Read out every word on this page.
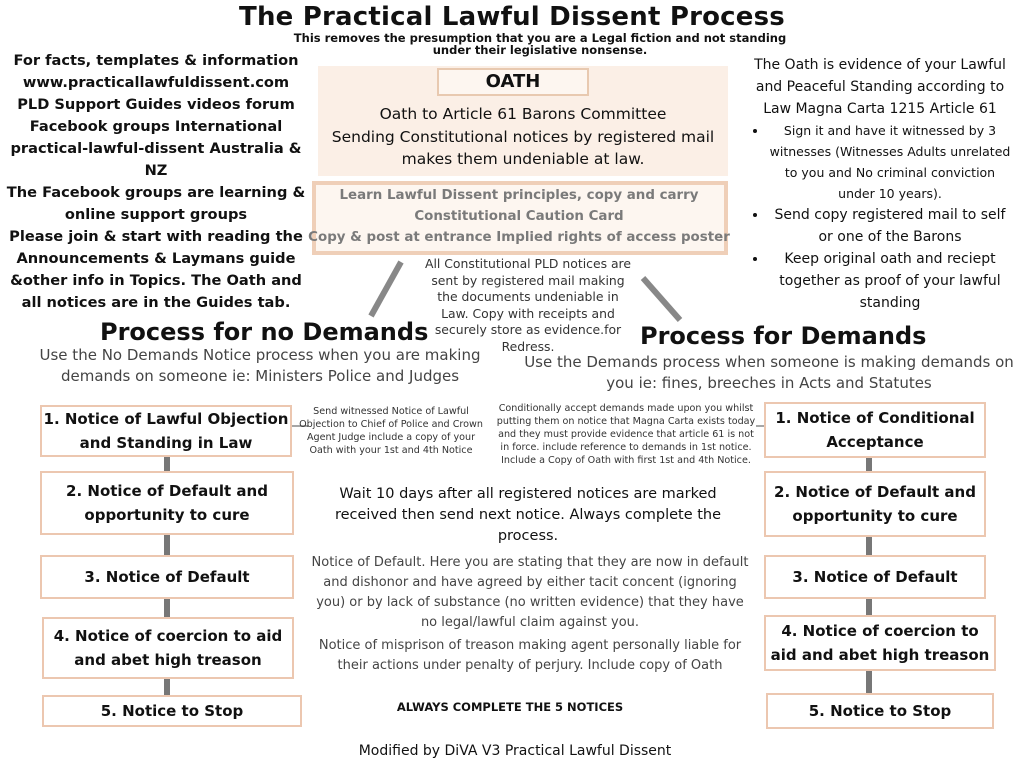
The Practical Lawful Dissent Process
This removes the presumption that you are a Legal fiction and not standing under their legislative nonsense.
For facts, templates & information
www.practicallawfuldissent.com
PLD Support Guides videos forum
Facebook groups International
practical-lawful-dissent Australia &
NZ
The Facebook groups are learning &
online support groups
Please join & start with reading the
Announcements & Laymans guide
&other info in Topics. The Oath and
all notices are in the Guides tab.
The Oath is evidence of your Lawful and Peaceful Standing according to Law Magna Carta 1215 Article 61
• Sign it and have it witnessed by 3 witnesses (Witnesses Adults unrelated to you and No criminal conviction under 10 years).
• Send copy registered mail to self or one of the Barons
• Keep original oath and reciept together as proof of your lawful standing
OATH
Oath to Article 61 Barons Committee
Sending Constitutional notices by registered mail
makes them undeniable at law.
Learn Lawful Dissent principles, copy and carry
Constitutional Caution Card
Copy & post at entrance Implied rights of access poster
All Constitutional PLD notices are sent by registered mail making the documents undeniable in Law. Copy with receipts and securely store as evidence.for Redress.
Process for no Demands
Use the No Demands Notice process when you are making demands on someone ie: Ministers Police and Judges
Process for Demands
Use the Demands process when someone is making demands on you ie: fines, breeches in Acts and Statutes
1. Notice of Lawful Objection and Standing in Law
2. Notice of Default and opportunity to cure
3. Notice of Default
4. Notice of coercion to aid and abet high treason
5. Notice to Stop
Send witnessed Notice of Lawful Objection to Chief of Police and Crown Agent Judge include a copy of your Oath with your 1st and 4th Notice
1. Notice of Conditional Acceptance
2. Notice of Default and opportunity to cure
3. Notice of Default
4. Notice of coercion to aid and abet high treason
5. Notice to Stop
Conditionally accept demands made upon you whilst putting them on notice that Magna Carta exists today and they must provide evidence that article 61 is not in force. include reference to demands in 1st notice. Include a Copy of Oath with first 1st and 4th Notice.
Wait 10 days after all registered notices are marked received then send next notice. Always complete the process.
Notice of Default. Here you are stating that they are now in default and dishonor and have agreed by either tacit concent (ignoring you) or by lack of substance (no written evidence) that they have no legal/lawful claim against you.
Notice of misprison of treason making agent personally liable for their actions under penalty of perjury. Include copy of Oath
ALWAYS COMPLETE THE 5 NOTICES
Modified by DiVA V3 Practical Lawful Dissent
